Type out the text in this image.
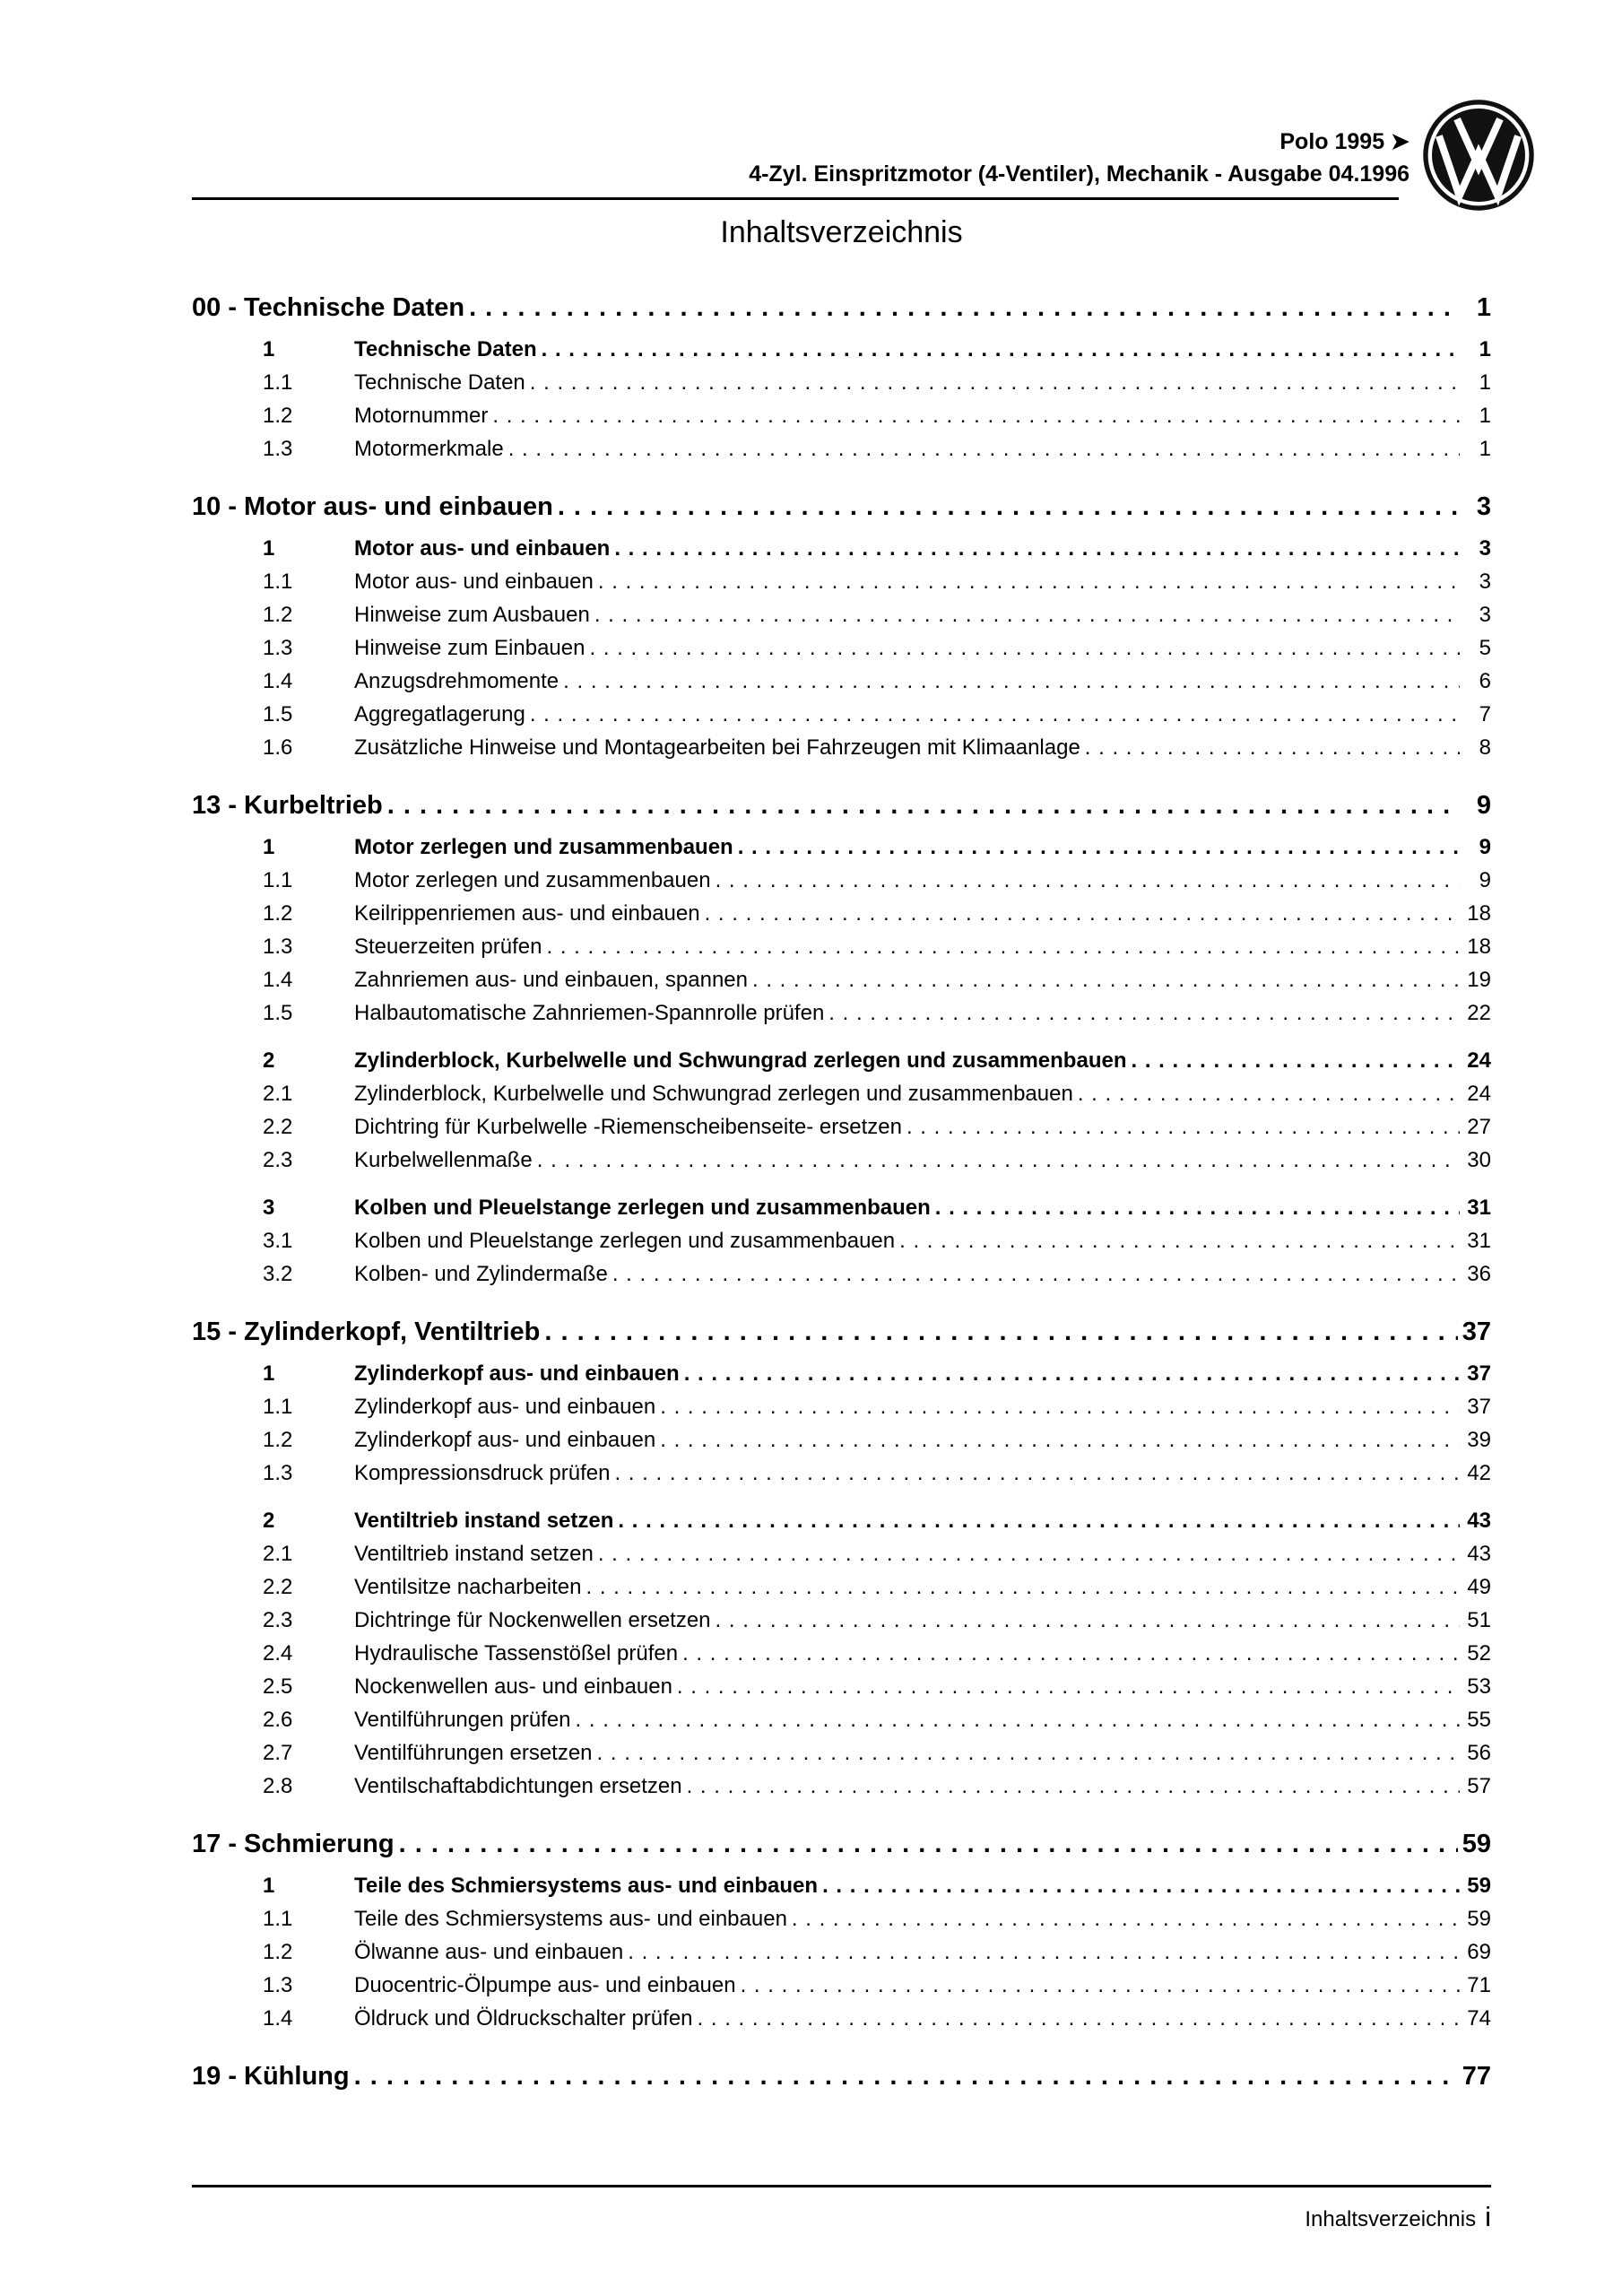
Polo 1995 ➤
4-Zyl. Einspritzmotor (4-Ventiler), Mechanik - Ausgabe 04.1996
Inhaltsverzeichnis
00 - Technische Daten . . .	1
1	Technische Daten . . .	1
1.1	Technische Daten . . .	1
1.2	Motornummer . . .	1
1.3	Motormerkmale . . .	1
10 - Motor aus- und einbauen . . .	3
1	Motor aus- und einbauen . . .	3
1.1	Motor aus- und einbauen . . .	3
1.2	Hinweise zum Ausbauen . . .	3
1.3	Hinweise zum Einbauen . . .	5
1.4	Anzugsdrehmomente . . .	6
1.5	Aggregatlagerung . . .	7
1.6	Zusätzliche Hinweise und Montagearbeiten bei Fahrzeugen mit Klimaanlage . . .	8
13 - Kurbeltrieb . . .	9
1	Motor zerlegen und zusammenbauen . . .	9
1.1	Motor zerlegen und zusammenbauen . . .	9
1.2	Keilrippenriemen aus- und einbauen . . .	18
1.3	Steuerzeiten prüfen . . .	18
1.4	Zahnriemen aus- und einbauen, spannen . . .	19
1.5	Halbautomatische Zahnriemen-Spannrolle prüfen . . .	22
2	Zylinderblock, Kurbelwelle und Schwungrad zerlegen und zusammenbauen . . .	24
2.1	Zylinderblock, Kurbelwelle und Schwungrad zerlegen und zusammenbauen . . .	24
2.2	Dichtring für Kurbelwelle -Riemenscheibenseite- ersetzen . . .	27
2.3	Kurbelwellenmaße . . .	30
3	Kolben und Pleuelstange zerlegen und zusammenbauen . . .	31
3.1	Kolben und Pleuelstange zerlegen und zusammenbauen . . .	31
3.2	Kolben- und Zylindermaße . . .	36
15 - Zylinderkopf, Ventiltrieb . . .	37
1	Zylinderkopf aus- und einbauen . . .	37
1.1	Zylinderkopf aus- und einbauen . . .	37
1.2	Zylinderkopf aus- und einbauen . . .	39
1.3	Kompressionsdruck prüfen . . .	42
2	Ventiltrieb instand setzen . . .	43
2.1	Ventiltrieb instand setzen . . .	43
2.2	Ventilsitze nacharbeiten . . .	49
2.3	Dichtringe für Nockenwellen ersetzen . . .	51
2.4	Hydraulische Tassenstößel prüfen . . .	52
2.5	Nockenwellen aus- und einbauen . . .	53
2.6	Ventilführungen prüfen . . .	55
2.7	Ventilführungen ersetzen . . .	56
2.8	Ventilschaftabdichtungen ersetzen . . .	57
17 - Schmierung . . .	59
1	Teile des Schmiersystems aus- und einbauen . . .	59
1.1	Teile des Schmiersystems aus- und einbauen . . .	59
1.2	Ölwanne aus- und einbauen . . .	69
1.3	Duocentric-Ölpumpe aus- und einbauen . . .	71
1.4	Öldruck und Öldruckschalter prüfen . . .	74
19 - Kühlung . . .	77
Inhaltsverzeichnis i
